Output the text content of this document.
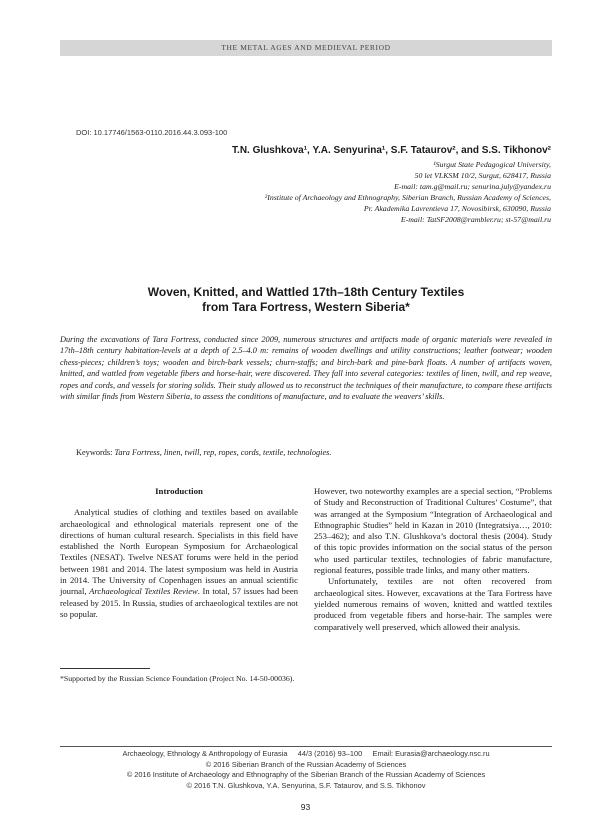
THE METAL AGES AND MEDIEVAL PERIOD
DOI: 10.17746/1563-0110.2016.44.3.093-100
T.N. Glushkova¹, Y.A. Senyurina¹, S.F. Tataurov², and S.S. Tikhonov²
¹Surgut State Pedagogical University,
50 let VLKSM 10/2, Surgut, 628417, Russia
E-mail: tam.g@mail.ru; senurina.july@yandex.ru
²Institute of Archaeology and Ethnography, Siberian Branch, Russian Academy of Sciences,
Pr. Akademika Lavrentieva 17, Novosibirsk, 630090, Russia
E-mail: TatSF2008@rambler.ru; st-57@mail.ru
Woven, Knitted, and Wattled 17th–18th Century Textiles
from Tara Fortress, Western Siberia*
During the excavations of Tara Fortress, conducted since 2009, numerous structures and artifacts made of organic materials were revealed in 17th–18th century habitation-levels at a depth of 2.5–4.0 m: remains of wooden dwellings and utility constructions; leather footwear; wooden chess-pieces; children’s toys; wooden and birch-bark vessels; churn-staffs; and birch-bark and pine-bark floats. A number of artifacts woven, knitted, and wattled from vegetable fibers and horse-hair, were discovered. They fall into several categories: textiles of linen, twill, and rep weave, ropes and cords, and vessels for storing solids. Their study allowed us to reconstruct the techniques of their manufacture, to compare these artifacts with similar finds from Western Siberia, to assess the conditions of manufacture, and to evaluate the weavers’ skills.
Keywords: Tara Fortress, linen, twill, rep, ropes, cords, textile, technologies.
Introduction

Analytical studies of clothing and textiles based on available archaeological and ethnological materials represent one of the directions of human cultural research. Specialists in this field have established the North European Symposium for Archaeological Textiles (NESAT). Twelve NESAT forums were held in the period between 1981 and 2014. The latest symposium was held in Austria in 2014. The University of Copenhagen issues an annual scientific journal, Archaeological Textiles Review. In total, 57 issues had been released by 2015. In Russia, studies of archaeological textiles are not so popular.

However, two noteworthy examples are a special section, “Problems of Study and Reconstruction of Traditional Cultures’ Costume”, that was arranged at the Symposium “Integration of Archaeological and Ethnographic Studies” held in Kazan in 2010 (Integratsiya…, 2010: 253–462); and also T.N. Glushkova’s doctoral thesis (2004). Study of this topic provides information on the social status of the person who used particular textiles, technologies of fabric manufacture, regional features, possible trade links, and many other matters.

Unfortunately, textiles are not often recovered from archaeological sites. However, excavations at the Tara Fortress have yielded numerous remains of woven, knitted and wattled textiles produced from vegetable fibers and horse-hair. The samples were comparatively well preserved, which allowed their analysis.

*Supported by the Russian Science Foundation (Project No. 14-50-00036).
Archaeology, Ethnology & Anthropology of Eurasia     44/3 (2016) 93–100     Email: Eurasia@archaeology.nsc.ru
© 2016 Siberian Branch of the Russian Academy of Sciences
© 2016 Institute of Archaeology and Ethnography of the Siberian Branch of the Russian Academy of Sciences
© 2016 T.N. Glushkova, Y.A. Senyurina, S.F. Tataurov, and S.S. Tikhonov
93
